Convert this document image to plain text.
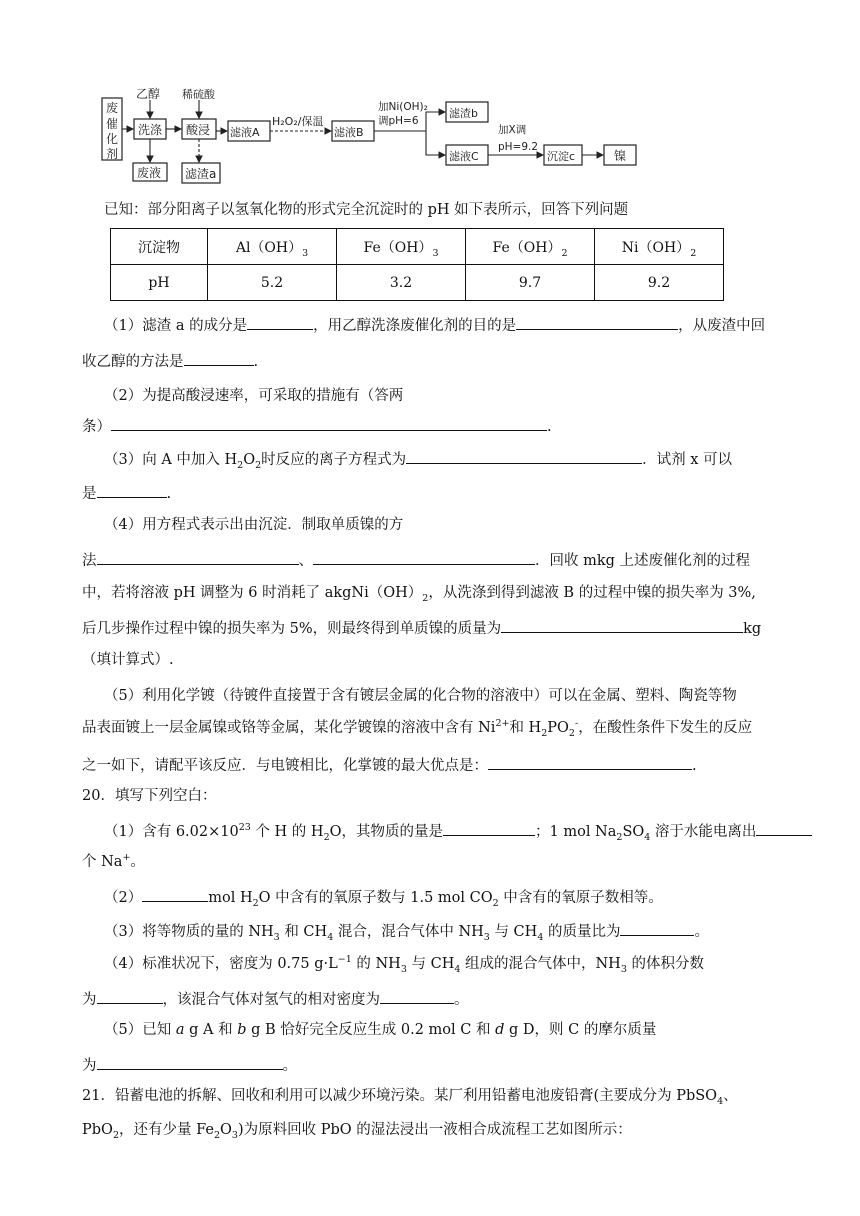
废
催
化
剂
乙醇 稀硫酸
洗涤
废液
酸浸
滤渣a
滤液A
H₂O₂/保温
滤液B
加Ni(OH)₂
调pH=6
滤渣b
滤液C
加X调
pH=9.2
沉淀c	镍
已知：部分阳离子以氢氧化物的形式完全沉淀时的 pH 如下表所示，回答下列问题
沉淀物	$Al(OH)_3$	$Fe(OH)_3$	$Fe(OH)_2$	$Ni(OH)_2$
pH	5.2	3.2	9.7	9.2
（1）滤渣 a 的成分是	，用乙醇洗涤废催化剂的目的是	，从废渣中回
收乙醇的方法是	.
（2）为提高酸浸速率，可采取的措施有（答两
条）	.
（3）向 A 中加入 $H_2O_2$时反应的离子方程式为	．试剂 x 可以
是	.
（4）用方程式表示出由沉淀．制取单质镍的方
法	、	．回收 mkg 上述废催化剂的过程
中，若将溶液 pH 调整为 6 时消耗了 $akgNi(OH)_2$，从洗涤到得到滤液 B 的过程中镍的损失率为 3%,
后几步操作过程中镍的损失率为 5%，则最终得到单质镍的质量为	kg
（填计算式）.
（5）利用化学镀（待镀件直接置于含有镀层金属的化合物的溶液中）可以在金属、塑料、陶瓷等物
品表面镀上一层金属镍或铬等金属，某化学镀镍的溶液中含有 $Ni^{2+}$和 $H_2PO_2^-$，在酸性条件下发生的反应
之一如下，请配平该反应．与电镀相比，化掌镀的最大优点是：	.
20．填写下列空白：
（1）含有 $6.02\times 10^{23}$ 个 H 的 $H_2O$，其物质的量是	；1 mol $Na_2SO_4$ 溶于水能电离出
个 Na+。
（2）	mol $H_2O$ 中含有的氧原子数与 1.5 mol $CO_2$ 中含有的氧原子数相等。
（3）将等物质的量的 $NH_3$ 和 $CH_4$ 混合，混合气体中 $NH_3$ 与 $CH_4$ 的质量比为	。
（4）标准状况下，密度为 0.75 $g\cdot L^{-1}$ 的 $NH_3$ 与 $CH_4$ 组成的混合气体中，$NH_3$ 的体积分数
为	，该混合气体对氢气的相对密度为	。
（5）已知 a g A 和 b g B 恰好完全反应生成 0.2 mol C 和 d g D，则 C 的摩尔质量
为	。
21．铅蓄电池的拆解、回收和利用可以减少环境污染。某厂利用铅蓄电池废铅膏(主要成分为 PbSO$_4$、
PbO$_2$，还有少量 $Fe_2O_3$)为原料回收 PbO 的湿法浸出一液相合成流程工艺如图所示：
